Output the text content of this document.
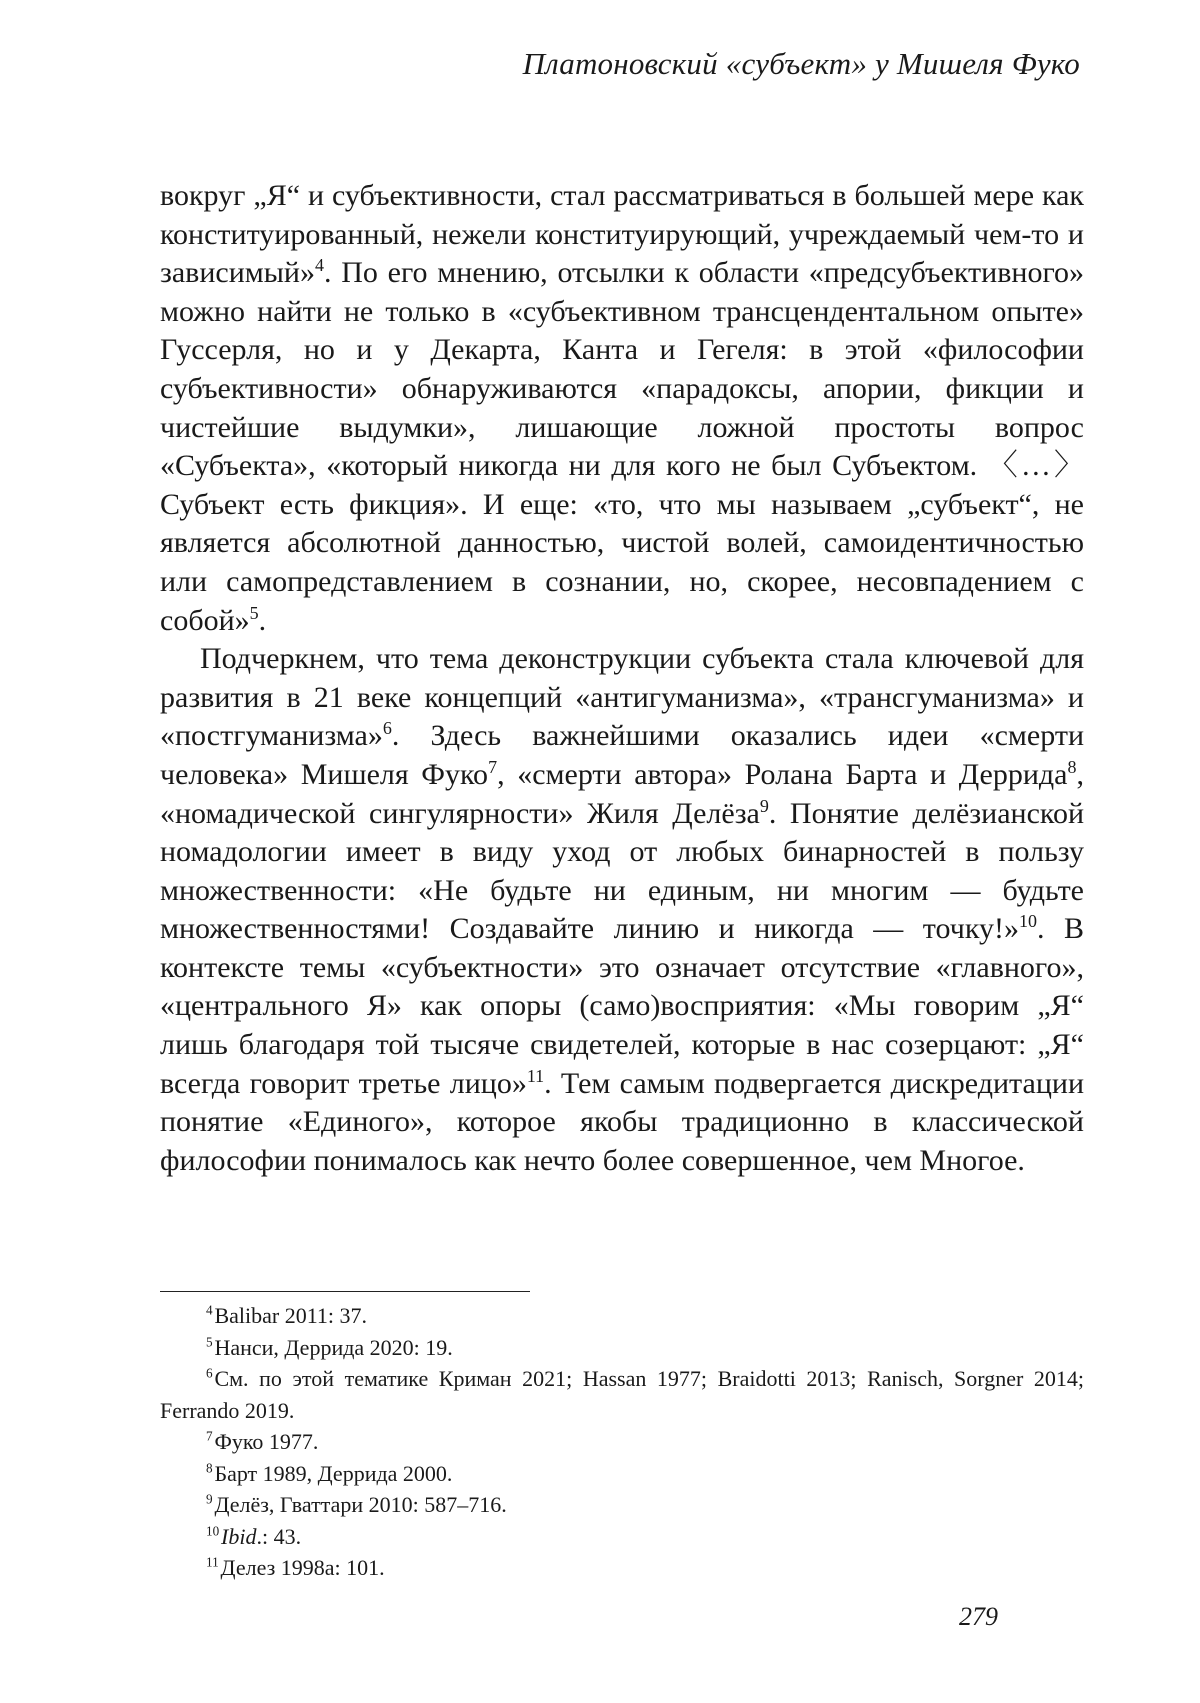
Платоновский «субъект» у Мишеля Фуко

вокруг „Я“ и субъективности, стал рассматриваться в большей мере как конституированный, нежели конституирующий, учреждаемый чем-то и зависимый»$^4$. По его мнению, отсылки к области «предсубъективного» можно найти не только в «субъективном трансцендентальном опыте» Гуссерля, но и у Декарта, Канта и Гегеля: в этой «философии субъективности» обнаруживаются «парадоксы, апории, фикции и чистейшие выдумки», лишающие ложной простоты вопрос «Субъекта», «который никогда ни для кого не был Субъектом. 〈…〉 Субъект есть фикция». И еще: «то, что мы называем „субъект“, не является абсолютной данностью, чистой волей, самоидентичностью или самопредставлением в сознании, но, скорее, несовпадением с собой»$^5$.

Подчеркнем, что тема деконструкции субъекта стала ключевой для развития в 21 веке концепций «антигуманизма», «трансгуманизма» и «постгуманизма»$^6$. Здесь важнейшими оказались идеи «смерти человека» Мишеля Фуко$^7$, «смерти автора» Ролана Барта и Деррида$^8$, «номадической сингулярности» Жиля Делёза$^9$. Понятие делёзианской номадологии имеет в виду уход от любых бинарностей в пользу множественности: «Не будьте ни единым, ни многим — будьте множественностями! Создавайте линию и никогда — точку!»$^{10}$. В контексте темы «субъектности» это означает отсутствие «главного», «центрального Я» как опоры (само)восприятия: «Мы говорим „Я“ лишь благодаря той тысяче свидетелей, которые в нас созерцают: „Я“ всегда говорит третье лицо»$^{11}$. Тем самым подвергается дискредитации понятие «Единого», которое якобы традиционно в классической философии понималось как нечто более совершенное, чем Многое.

$^4$ Balibar 2011: 37.

$^5$ Нанси, Деррида 2020: 19.

$^6$ См. по этой тематике Криман 2021; Hassan 1977; Braidotti 2013; Ranisch, Sorgner 2014; Ferrando 2019.

$^7$ Фуко 1977.

$^8$ Барт 1989, Деррида 2000.

$^9$ Делёз, Гваттари 2010: 587–716.

$^{10}$ Ibid.: 43.

$^{11}$ Делез 1998a: 101.

279
